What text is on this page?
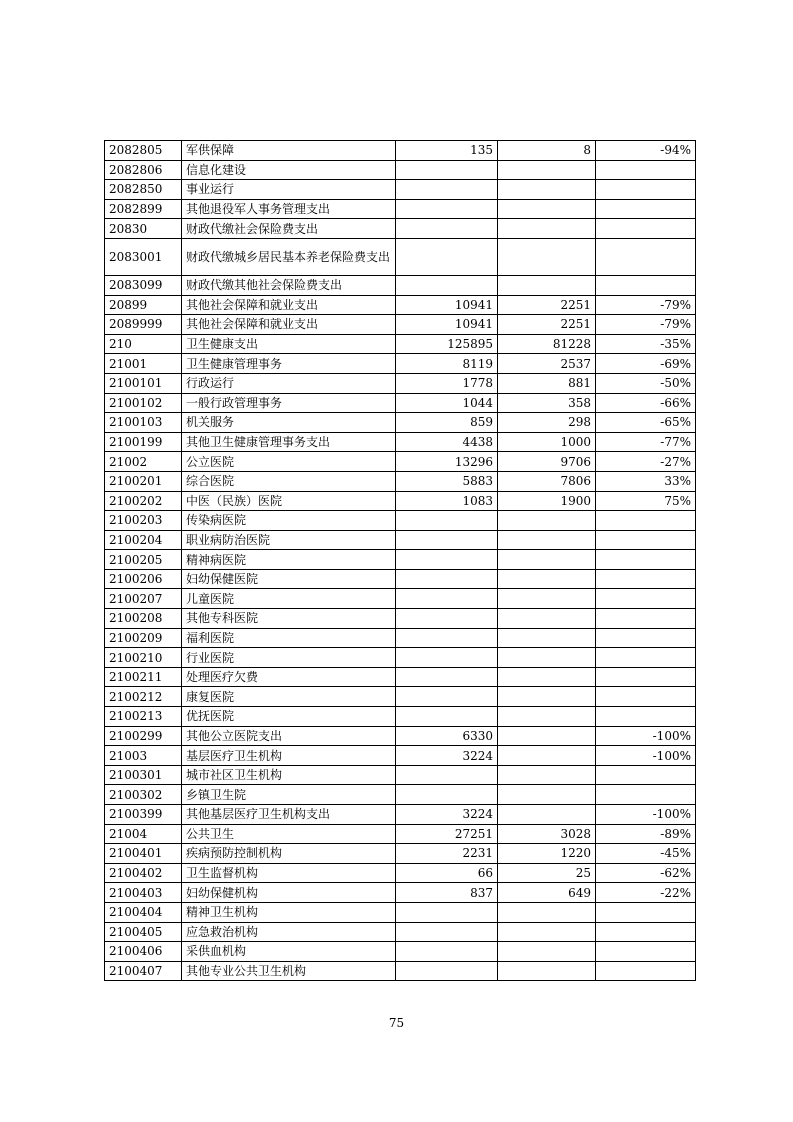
2082805	军供保障	135	8	-94%
2082806	信息化建设			
2082850	事业运行			
2082899	其他退役军人事务管理支出			
20830	财政代缴社会保险费支出			
2083001	财政代缴城乡居民基本养老保险费支出			
2083099	财政代缴其他社会保险费支出			
20899	其他社会保障和就业支出	10941	2251	-79%
2089999	其他社会保障和就业支出	10941	2251	-79%
210	卫生健康支出	125895	81228	-35%
21001	卫生健康管理事务	8119	2537	-69%
2100101	行政运行	1778	881	-50%
2100102	一般行政管理事务	1044	358	-66%
2100103	机关服务	859	298	-65%
2100199	其他卫生健康管理事务支出	4438	1000	-77%
21002	公立医院	13296	9706	-27%
2100201	综合医院	5883	7806	33%
2100202	中医（民族）医院	1083	1900	75%
2100203	传染病医院			
2100204	职业病防治医院			
2100205	精神病医院			
2100206	妇幼保健医院			
2100207	儿童医院			
2100208	其他专科医院			
2100209	福利医院			
2100210	行业医院			
2100211	处理医疗欠费			
2100212	康复医院			
2100213	优抚医院			
2100299	其他公立医院支出	6330		-100%
21003	基层医疗卫生机构	3224		-100%
2100301	城市社区卫生机构			
2100302	乡镇卫生院			
2100399	其他基层医疗卫生机构支出	3224		-100%
21004	公共卫生	27251	3028	-89%
2100401	疾病预防控制机构	2231	1220	-45%
2100402	卫生监督机构	66	25	-62%
2100403	妇幼保健机构	837	649	-22%
2100404	精神卫生机构			
2100405	应急救治机构			
2100406	采供血机构			
2100407	其他专业公共卫生机构			
75
